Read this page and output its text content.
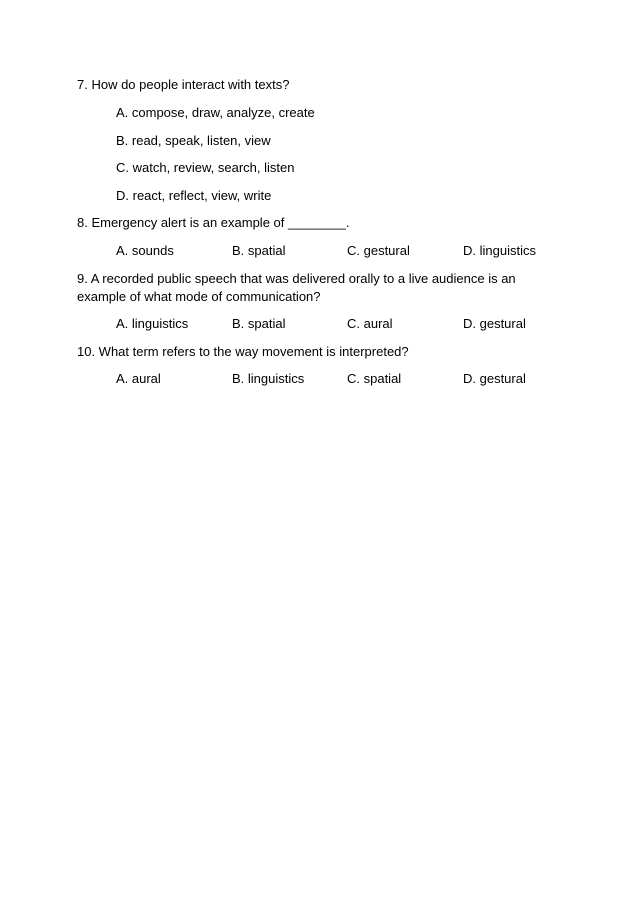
7. How do people interact with texts?
A. compose, draw, analyze, create
B. read, speak, listen, view
C. watch, review, search, listen
D. react, reflect, view, write
8. Emergency alert is an example of ________.
A. sounds	B. spatial	C. gestural	D. linguistics
9. A recorded public speech that was delivered orally to a live audience is an
example of what mode of communication?
A. linguistics	B. spatial	C. aural	D. gestural
10. What term refers to the way movement is interpreted?
A. aural	B. linguistics	C. spatial	D. gestural
